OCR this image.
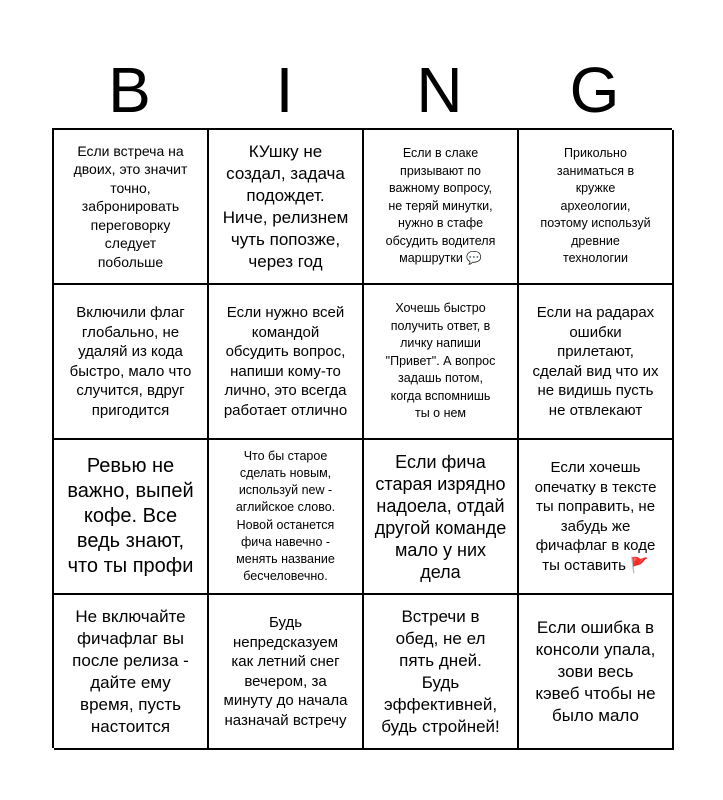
B	I	N	G
Если встреча на
двоих, это значит
точно,
забронировать
переговорку
следует
побольше
КУшку не
создал, задача
подождет.
Ниче, релизнем
чуть попозже,
через год
Если в слаке
призывают по
важному вопросу,
не теряй минутки,
нужно в стафе
обсудить водителя
маршрутки 💬
Прикольно
заниматься в
кружке
археологии,
поэтому используй
древние
технологии
Включили флаг
глобально, не
удаляй из кода
быстро, мало что
случится, вдруг
пригодится
Если нужно всей
командой
обсудить вопрос,
напиши кому-то
лично, это всегда
работает отлично
Хочешь быстро
получить ответ, в
личку напиши
"Привет". А вопрос
задашь потом,
когда вспомнишь
ты о нем
Если на радарах
ошибки
прилетают,
сделай вид что их
не видишь пусть
не отвлекают
Ревью не
важно, выпей
кофе. Все
ведь знают,
что ты профи
Что бы старое
сделать новым,
используй new -
аглийское слово.
Новой останется
фича навечно -
менять название
бесчеловечно.
Если фича
старая изрядно
надоела, отдай
другой команде
мало у них
дела
Если хочешь
опечатку в тексте
ты поправить, не
забудь же
фичафлаг в коде
ты оставить 🚩
Не включайте
фичафлаг вы
после релиза -
дайте ему
время, пусть
настоится
Будь
непредсказуем
как летний снег
вечером, за
минуту до начала
назначай встречу
Встречи в
обед, не ел
пять дней.
Будь
эффективней,
будь стройней!
Если ошибка в
консоли упала,
зови весь
кэвеб чтобы не
было мало
